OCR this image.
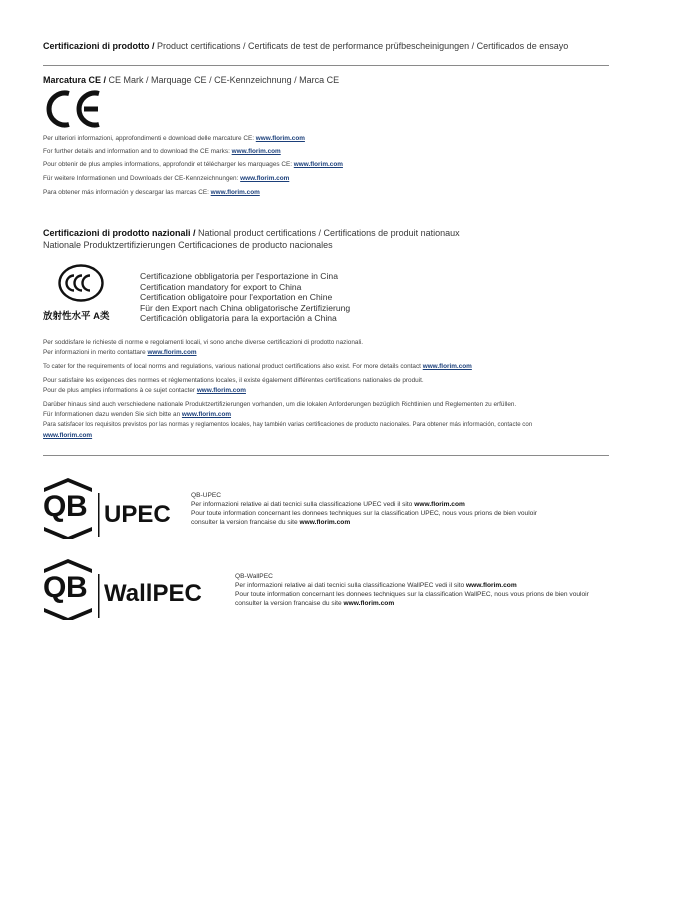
Certificazioni di prodotto / Product certifications / Certificats de test de performance prüfbescheinigungen / Certificados de ensayo
Marcatura CE / CE Mark / Marquage CE / CE-Kennzeichnung / Marca CE
Per ulteriori informazioni, approfondimenti e download delle marcature CE: www.florim.com
For further details and information and to download the CE marks: www.florim.com
Pour obtenir de plus amples informations, approfondir et télécharger les marquages CE: www.florim.com
Für weitere Informationen und Downloads der CE-Kennzeichnungen: www.florim.com
Para obtener más información y descargar las marcas CE: www.florim.com
Certificazioni di prodotto nazionali / National product certifications / Certifications de produit nationaux
Nationale Produktzertifizierungen Certificaciones de producto nacionales
放射性水平 A类
Certificazione obbligatoria per l'esportazione in Cina
Certification mandatory for export to China
Certification obligatoire pour l'exportation en Chine
Für den Export nach China obligatorische Zertifizierung
Certificación obligatoria para la exportación a China
Per soddisfare le richieste di norme e regolamenti locali, vi sono anche diverse certificazioni di prodotto nazionali.
Per informazioni in merito contattare www.florim.com
To cater for the requirements of local norms and regulations, various national product certifications also exist. For more details contact www.florim.com
Pour satisfaire les exigences des normes et réglementations locales, il existe également différentes certifications nationales de produit.
Pour de plus amples informations à ce sujet contacter www.florim.com
Darüber hinaus sind auch verschiedene nationale Produktzertifizierungen vorhanden, um die lokalen Anforderungen bezüglich Richtlinien und Reglementen zu erfüllen.
Für Informationen dazu wenden Sie sich bitte an www.florim.com
Para satisfacer los requisitos previstos por las normas y reglamentos locales, hay también varias certificaciones de producto nacionales. Para obtener más información, contacte con
www.florim.com
Q B UPEC
QB-UPEC
Per informazioni relative ai dati tecnici sulla classificazione UPEC vedi il sito www.florim.com
Pour toute information concernant les donnees techniques sur la classification UPEC, nous vous prions de bien vouloir
consulter la version francaise du site www.florim.com
Q B WallPEC
QB-WallPEC
Per informazioni relative ai dati tecnici sulla classificazione WallPEC vedi il sito www.florim.com
Pour toute information concernant les donnees techniques sur la classification WallPEC, nous vous prions de bien vouloir
consulter la version francaise du site www.florim.com
